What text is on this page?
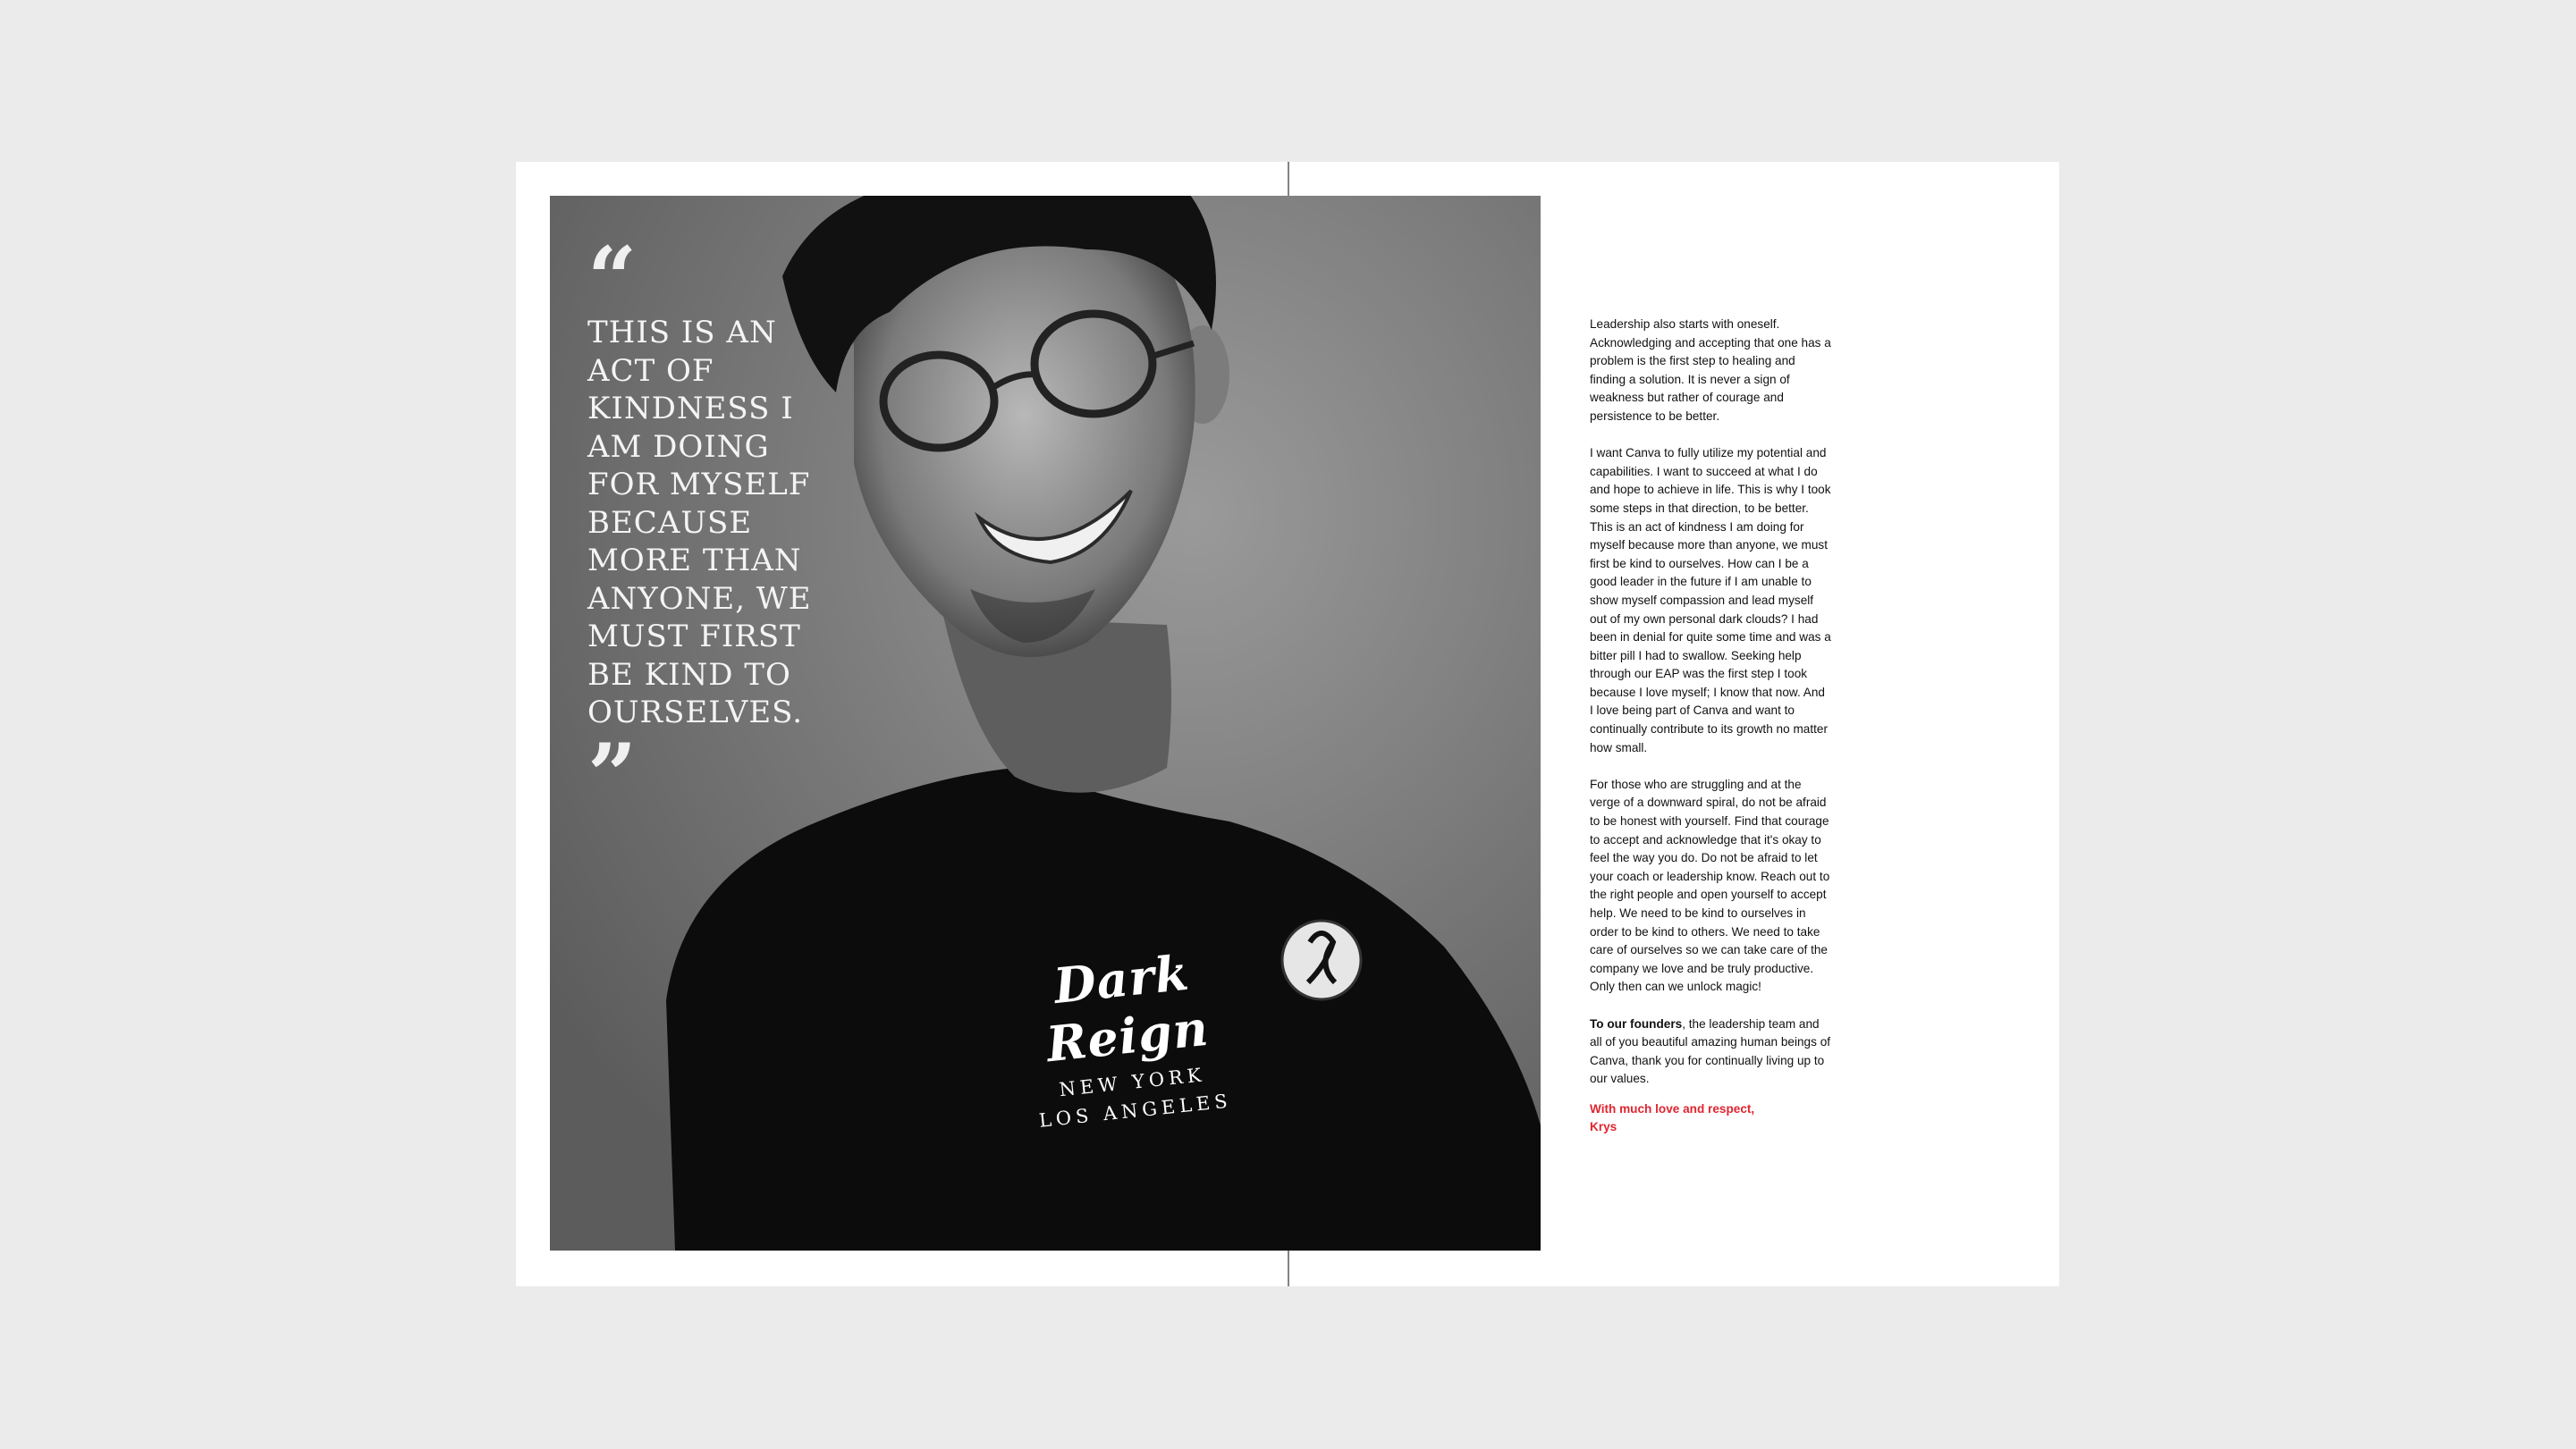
“
THIS IS AN ACT OF KINDNESS I AM DOING FOR MYSELF BECAUSE MORE THAN ANYONE, WE MUST FIRST BE KIND TO OURSELVES.
”
Dark Reign
NEW YORK
LOS ANGELES

Leadership also starts with oneself. Acknowledging and accepting that one has a problem is the first step to healing and finding a solution. It is never a sign of weakness but rather of courage and persistence to be better.

I want Canva to fully utilize my potential and capabilities. I want to succeed at what I do and hope to achieve in life. This is why I took some steps in that direction, to be better. This is an act of kindness I am doing for myself because more than anyone, we must first be kind to ourselves. How can I be a good leader in the future if I am unable to show myself compassion and lead myself out of my own personal dark clouds? I had been in denial for quite some time and was a bitter pill I had to swallow. Seeking help through our EAP was the first step I took because I love myself; I know that now. And I love being part of Canva and want to continually contribute to its growth no matter how small.

For those who are struggling and at the verge of a downward spiral, do not be afraid to be honest with yourself. Find that courage to accept and acknowledge that it's okay to feel the way you do. Do not be afraid to let your coach or leadership know. Reach out to the right people and open yourself to accept help. We need to be kind to ourselves in order to be kind to others. We need to take care of ourselves so we can take care of the company we love and be truly productive. Only then can we unlock magic!

To our founders, the leadership team and all of you beautiful amazing human beings of Canva, thank you for continually living up to our values.

With much love and respect,
Krys
